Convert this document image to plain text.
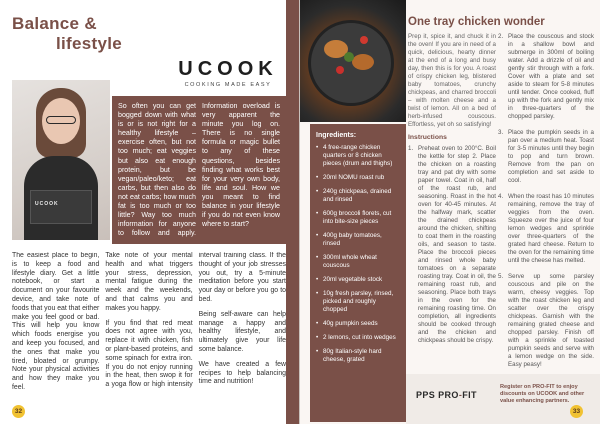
Balance &
lifestyle
UCOOK
COOKING MADE EASY
UCOOK
So often you can get bogged down with what is or is not right for a healthy lifestyle – exercise often, but not too much; eat veggies but also eat enough protein, but be vegan/paleo/keto; eat carbs, but then also do not eat carbs; how much fat is too much or too little? Way too much information for anyone to follow and apply. Information overload is very apparent the minute you log on. There is no single formula or magic bullet to any of these questions, besides finding what works best for your very own body, life and soul. How we you meant to find balance in your lifestyle if you do not even know where to start?

The easiest place to begin, is to keep a food and lifestyle diary. Get a little notebook, or start a document on your favourite device, and take note of foods that you eat that either make you feel good or bad. This will help you know which foods energise you and keep you focused, and the ones that make you tired, bloated or grumpy. Note your physical activities and how they make you feel.

Take note of your mental health and what triggers your stress, depression, mental fatigue during the week and the weekends, and that calms you and makes you happy.

If you find that red meat does not agree with you, replace it with chicken, fish or plant-based proteins, and some spinach for extra iron. If you do not enjoy running in the heat, then swop it for a yoga flow or high intensity interval training class. If the thought of your job stresses you out, try a 5-minute meditation before you start your day or before you go to bed.

Being self-aware can help manage a happy and healthy lifestyle, and ultimately give your life some balance.

We have created a few recipes to help balancing time and nutrition!

32
Ingredients:
• 4 free-range chicken quarters or 8 chicken pieces (drum and thighs)
• 20ml NOMU roast rub
• 240g chickpeas, drained and rinsed
• 600g broccoli florets, cut into bite-size pieces
• 400g baby tomatoes, rinsed
• 300ml whole wheat couscous
• 20ml vegetable stock
• 10g fresh parsley, rinsed, picked and roughly chopped
• 40g pumpkin seeds
• 2 lemons, cut into wedges
• 80g Italian-style hard cheese, grated
One tray chicken wonder
Prep it, spice it, and chuck it in the oven! If you are in need of a quick, delicious, hearty dinner at the end of a long and busy day, then this is for you. A roast of crispy chicken leg, blistered baby tomatoes, crunchy chickpeas, and charred broccoli – with molten cheese and a twist of lemon. All on a bed of herb-infused couscous. Effortless, yet oh so satisfying!
Instructions
1. Preheat oven to 200°C. Boil the kettle for step 2. Place the chicken on a roasting tray and pat dry with some paper towel. Coat in oil, half of the roast rub, and seasoning. Roast in the hot oven for 40-45 minutes. At the halfway mark, scatter the drained chickpeas around the chicken, shifting to coat them in the roasting oils, and season to taste. Place the broccoli pieces and rinsed whole baby tomatoes on a separate roasting tray. Coat in oil, the remaining roast rub, and seasoning. Place both trays in the oven for the remaining roasting time. On completion, all ingredients should be cooked through and the chicken and chickpeas should be crispy.
2. Place the couscous and stock in a shallow bowl and submerge in 300ml of boiling water. Add a drizzle of oil and gently stir through with a fork. Cover with a plate and set aside to steam for 5-8 minutes until tender. Once cooked, fluff up with the fork and gently mix in three-quarters of the chopped parsley.
3. Place the pumpkin seeds in a pan over a medium heat. Toast for 3-5 minutes until they begin to pop and turn brown. Remove from the pan on completion and set aside to cool.
4. When the roast has 10 minutes remaining, remove the tray of veggies from the oven. Squeeze over the juice of four lemon wedges and sprinkle over three-quarters of the grated hard cheese. Return to the oven for the remaining time until the cheese has melted.
5. Serve up some parsley couscous and pile on the warm, cheesy veggies. Top with the roast chicken leg and scatter over the crispy chickpeas. Garnish with the remaining grated cheese and chopped parsley. Finish off with a sprinkle of toasted pumpkin seeds and serve with a lemon wedge on the side. Easy peasy!
PPS PRO-FIT
Register on PRO-FIT to enjoy discounts on UCOOK and other value enhancing partners.
33
